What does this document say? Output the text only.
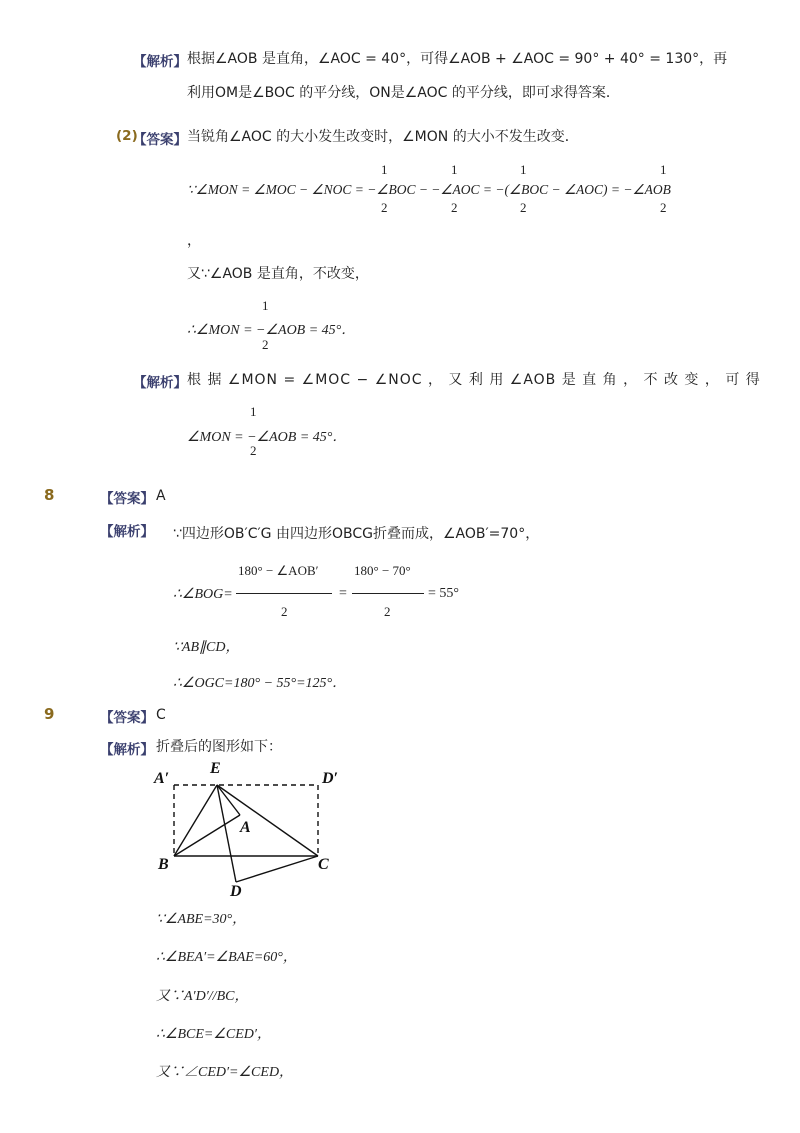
【解析】 根据∠AOB 是直角，∠AOC = 40°，可得∠AOB + ∠AOC = 90° + 40° = 130°，再
利用OM是∠BOC 的平分线，ON是∠AOC 的平分线，即可求得答案．
(2)
【答案】 当锐角∠AOC 的大小发生改变时，∠MON 的大小不发生改变．
1
2
1
2
1
2
1
2
∵∠MON = ∠MOC − ∠NOC = −∠BOC − −∠AOC = −(∠BOC − ∠AOC) = −∠AOB
，
又∵∠AOB 是直角，不改变，
1
2
∴∠MON = −∠AOB = 45°．
【解析】 根 据 ∠MON = ∠MOC − ∠NOC ， 又 利 用 ∠AOB 是 直 角 ， 不 改 变 ， 可 得
1
2
∠MON = −∠AOB = 45°．
8	【答案】 A
【解析】 ∵四边形OB′C′G 由四边形OBCG折叠而成，∠AOB′=70°，
∴∠BOG=
180° − ∠AOB′
2
=
180° − 70°
2
= 55°
∵AB∥CD，
∴∠OGC=180° − 55°=125°．
9	【答案】 C
【解析】 折叠后的图形如下：
A′
E
D′
A
B	C
D
∵∠ABE=30°，
∴∠BEA′=∠BAE=60°，
又∵A′D′//BC，
∴∠BCE=∠CED′，
又∵∠CED′=∠CED，
